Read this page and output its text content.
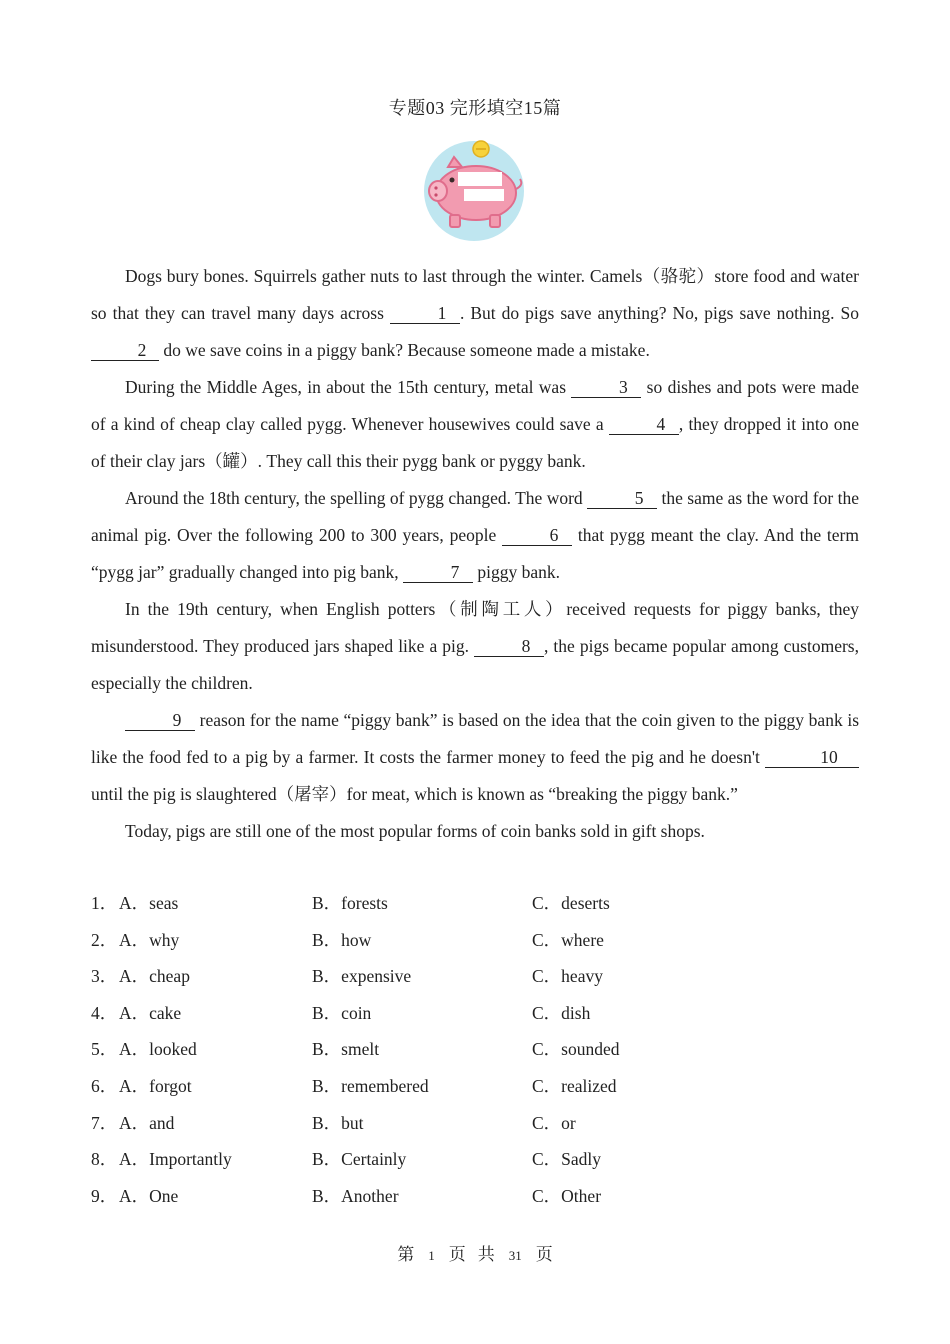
专题03 完形填空15篇

Dogs bury bones. Squirrels gather nuts to last through the winter. Camels（骆驼）store food and water so that they can travel many days across	1 . But do pigs save anything? No, pigs save nothing. So 2 do we save coins in a piggy bank? Because someone made a mistake.

During the Middle Ages, in about the 15th century, metal was	3 so dishes and pots were made of a kind of cheap clay called pygg. Whenever housewives could save a	4 , they dropped it into one of their clay jars（罐）. They call this their pygg bank or pyggy bank.

Around the 18th century, the spelling of pygg changed. The word	5 the same as the word for the animal pig. Over the following 200 to 300 years, people	6 that pygg meant the clay. And the term “pygg jar” gradually changed into pig bank,	7 piggy bank.

In the 19th century, when English potters（制陶工人）received requests for piggy banks, they misunderstood. They produced jars shaped like a pig.	8 , the pigs became popular among customers, especially the children.

9 reason for the name “piggy bank” is based on the idea that the coin given to the piggy bank is like the food fed to a pig by a farmer. It costs the farmer money to feed the pig and he doesn't	10 until the pig is slaughtered（屠宰）for meat, which is known as “breaking the piggy bank.”

Today, pigs are still one of the most popular forms of coin banks sold in gift shops.

1． A．seas	B．forests	C．deserts
2． A．why	B．how	C．where
3． A．cheap	B．expensive	C．heavy
4． A．cake	B．coin	C．dish
5． A．looked	B．smelt	C．sounded
6． A．forgot	B．remembered	C．realized
7． A．and	B．but	C．or
8． A．Importantly	B．Certainly	C．Sadly
9． A．One	B．Another	C．Other
第 1 页 共 31 页
